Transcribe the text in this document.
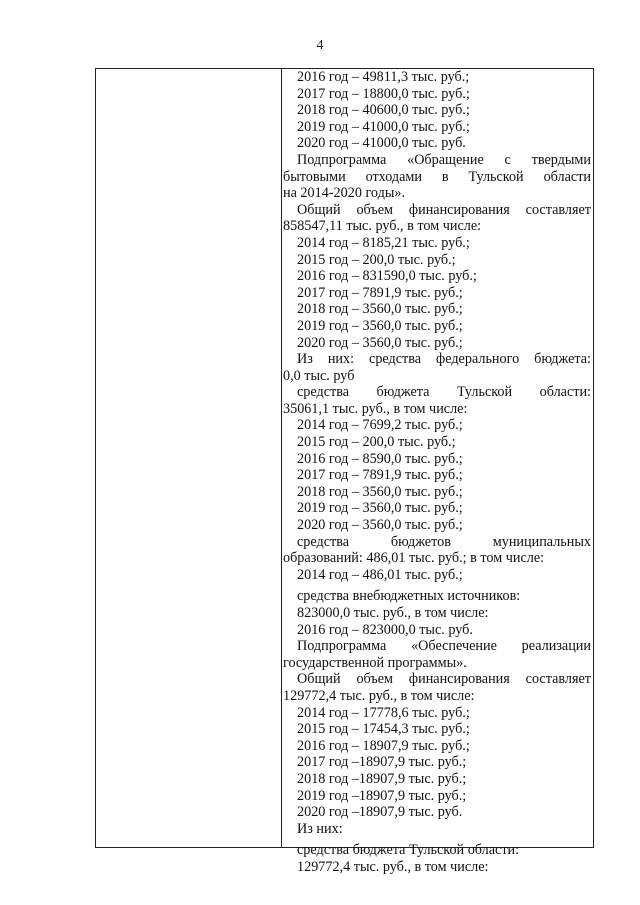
4
2016 год – 49811,3 тыс. руб.;
2017 год – 18800,0 тыс. руб.;
2018 год – 40600,0 тыс. руб.;
2019 год – 41000,0 тыс. руб.;
2020 год – 41000,0 тыс. руб.
Подпрограмма «Обращение с твердыми
бытовыми отходами в Тульской области
на 2014-2020 годы».
Общий объем финансирования составляет
858547,11 тыс. руб., в том числе:
2014 год – 8185,21 тыс. руб.;
2015 год – 200,0 тыс. руб.;
2016 год – 831590,0 тыс. руб.;
2017 год – 7891,9 тыс. руб.;
2018 год – 3560,0 тыс. руб.;
2019 год – 3560,0 тыс. руб.;
2020 год – 3560,0 тыс. руб.;
Из них: средства федерального бюджета:
0,0 тыс. руб
средства бюджета Тульской области:
35061,1 тыс. руб., в том числе:
2014 год – 7699,2 тыс. руб.;
2015 год – 200,0 тыс. руб.;
2016 год – 8590,0 тыс. руб.;
2017 год – 7891,9 тыс. руб.;
2018 год – 3560,0 тыс. руб.;
2019 год – 3560,0 тыс. руб.;
2020 год – 3560,0 тыс. руб.;
средства бюджетов муниципальных
образований: 486,01 тыс. руб.; в том числе:
2014 год – 486,01 тыс. руб.;
средства внебюджетных источников:
823000,0 тыс. руб., в том числе:
2016 год – 823000,0 тыс. руб.
Подпрограмма «Обеспечение реализации
государственной программы».
Общий объем финансирования составляет
129772,4 тыс. руб., в том числе:
2014 год – 17778,6 тыс. руб.;
2015 год – 17454,3 тыс. руб.;
2016 год – 18907,9 тыс. руб.;
2017 год –18907,9 тыс. руб.;
2018 год –18907,9 тыс. руб.;
2019 год –18907,9 тыс. руб.;
2020 год –18907,9 тыс. руб.
Из них:
средства бюджета Тульской области:
129772,4 тыс. руб., в том числе:
